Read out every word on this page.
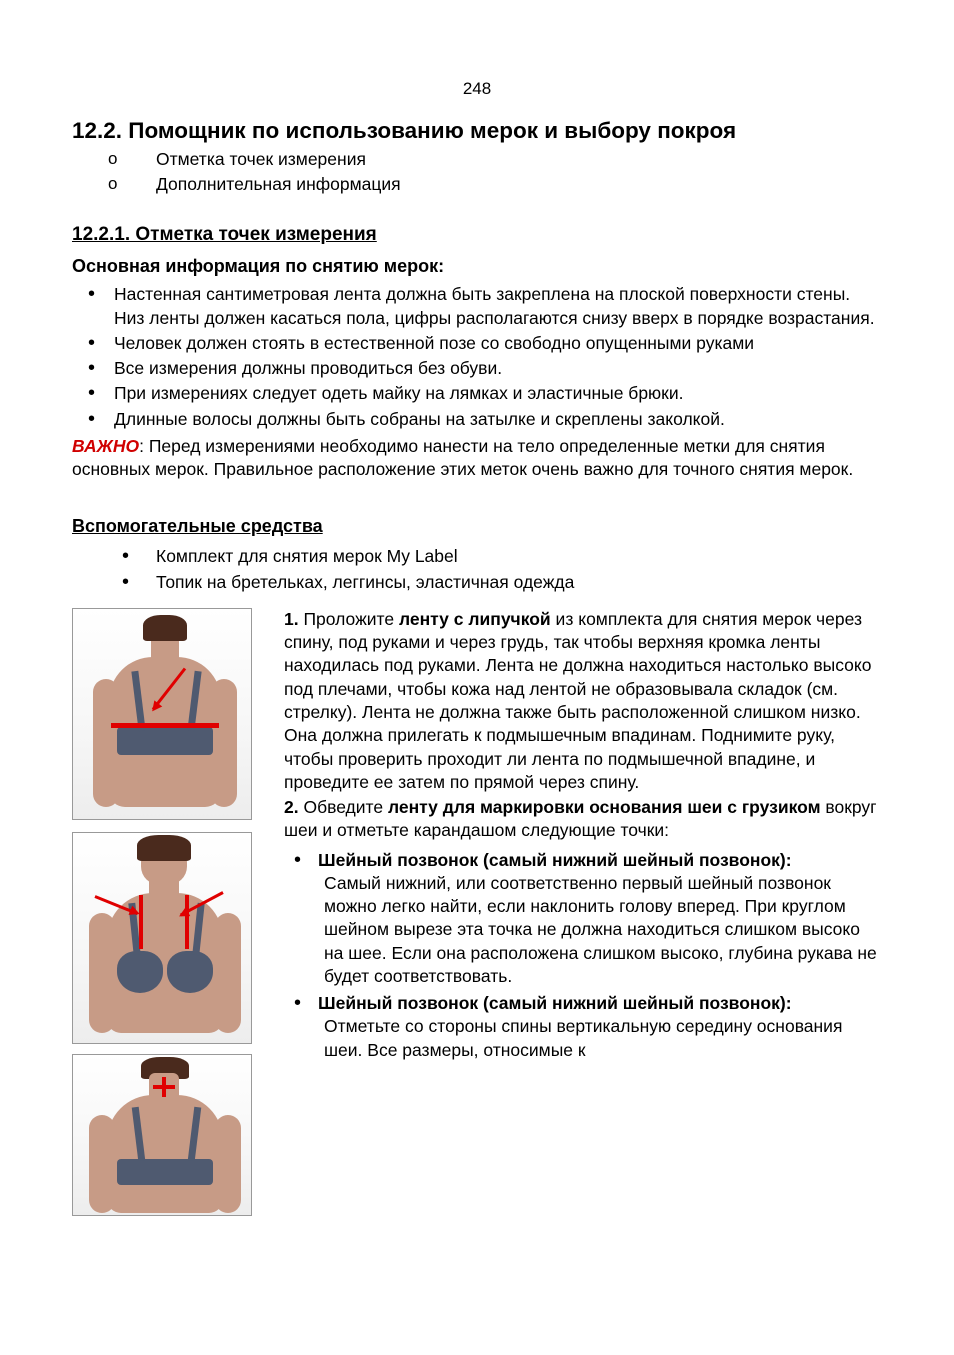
248
12.2. Помощник по использованию мерок и выбору покроя
o Отметка точек измерения
o Дополнительная информация
12.2.1. Отметка точек измерения
Основная информация по снятию мерок:
• Настенная сантиметровая лента должна быть закреплена на плоской поверхности стены. Низ ленты должен касаться пола, цифры располагаются снизу вверх в порядке возрастания.
• Человек должен стоять в естественной позе со свободно опущенными руками
• Все измерения должны проводиться без обуви.
• При измерениях следует одеть майку на лямках и эластичные брюки.
• Длинные волосы должны быть собраны на затылке и скреплены заколкой.

ВАЖНО: Перед измерениями необходимо нанести на тело определенные метки для снятия основных мерок. Правильное расположение этих меток очень важно для точного снятия мерок.

Вспомогательные средства
• Комплект для снятия мерок My Label
• Топик на бретельках, леггинсы, эластичная одежда

1. Проложите ленту с липучкой из комплекта для снятия мерок через спину, под руками и через грудь, так чтобы верхняя кромка ленты находилась под руками. Лента не должна находиться настолько высоко под плечами, чтобы кожа над лентой не образовывала складок (см. стрелку). Лента не должна также быть расположенной слишком низко. Она должна прилегать к подмышечным впадинам. Поднимите руку, чтобы проверить проходит ли лента по подмышечной впадине, и проведите ее затем по прямой через спину.

2. Обведите ленту для маркировки основания шеи с грузиком вокруг шеи и отметьте карандашом следующие точки:

• Шейный позвонок (самый нижний шейный позвонок):
Самый нижний, или соответственно первый шейный позвонок можно легко найти, если наклонить голову вперед. При круглом шейном вырезе эта точка не должна находиться слишком высоко на шее. Если она расположена слишком высоко, глубина рукава не будет соответствовать.
• Шейный позвонок (самый нижний шейный позвонок):
Отметьте со стороны спины вертикальную середину основания шеи. Все размеры, относимые к
